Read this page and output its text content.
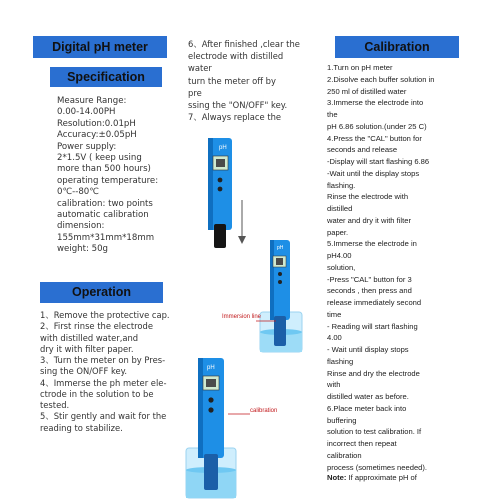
Digital pH meter
Specification
Measure Range:
0.00-14.00PH
Resolution:0.01pH
Accuracy:±0.05pH
Power supply:
2*1.5V ( keep using
more than 500 hours)
operating temperature:
0℃--80℃
calibration: two points
automatic calibration
dimension:
155mm*31mm*18mm
weight: 50g
Operation
1、Remove the protective cap.
2、First rinse the electrode
with distilled water,and
dry it with filter paper.
3、Turn the meter on by Pres-
sing the ON/OFF key.
4、Immerse the ph meter ele-
ctrode in the solution to be
tested.
5、Stir gently and wait for the
reading to stabilize.
6、After finished ,clear the
electrode with distilled
water
turn the meter off by
pre
ssing the "ON/OFF" key.
7、Always replace the
pH
pH
Immersion line
pH
calibration
Calibration
1.Turn on pH meter
2.Disolve each buffer solution in
250 ml of distilled water
3.Immerse the electrode into
the
pH 6.86 solution.(under 25 C)
4.Press the "CAL" button for
seconds and release
-Display will start flashing 6.86
-Wait until the display stops
flashing.
Rinse the electrode with
distilled
water and dry it with filter
paper.
5.Immerse the electrode in
pH4.00
solution,
-Press "CAL" button for 3
seconds , then press and
release immediately second
time
- Reading will start flashing
4.00
- Wait until display stops
flashing
Rinse and dry the electrode
with
distilled water as before.
6.Place meter back into
buffering
solution to test calibration. If
incorrect then repeat
calibration
process (sometimes needed).
Note: If approximate pH of
